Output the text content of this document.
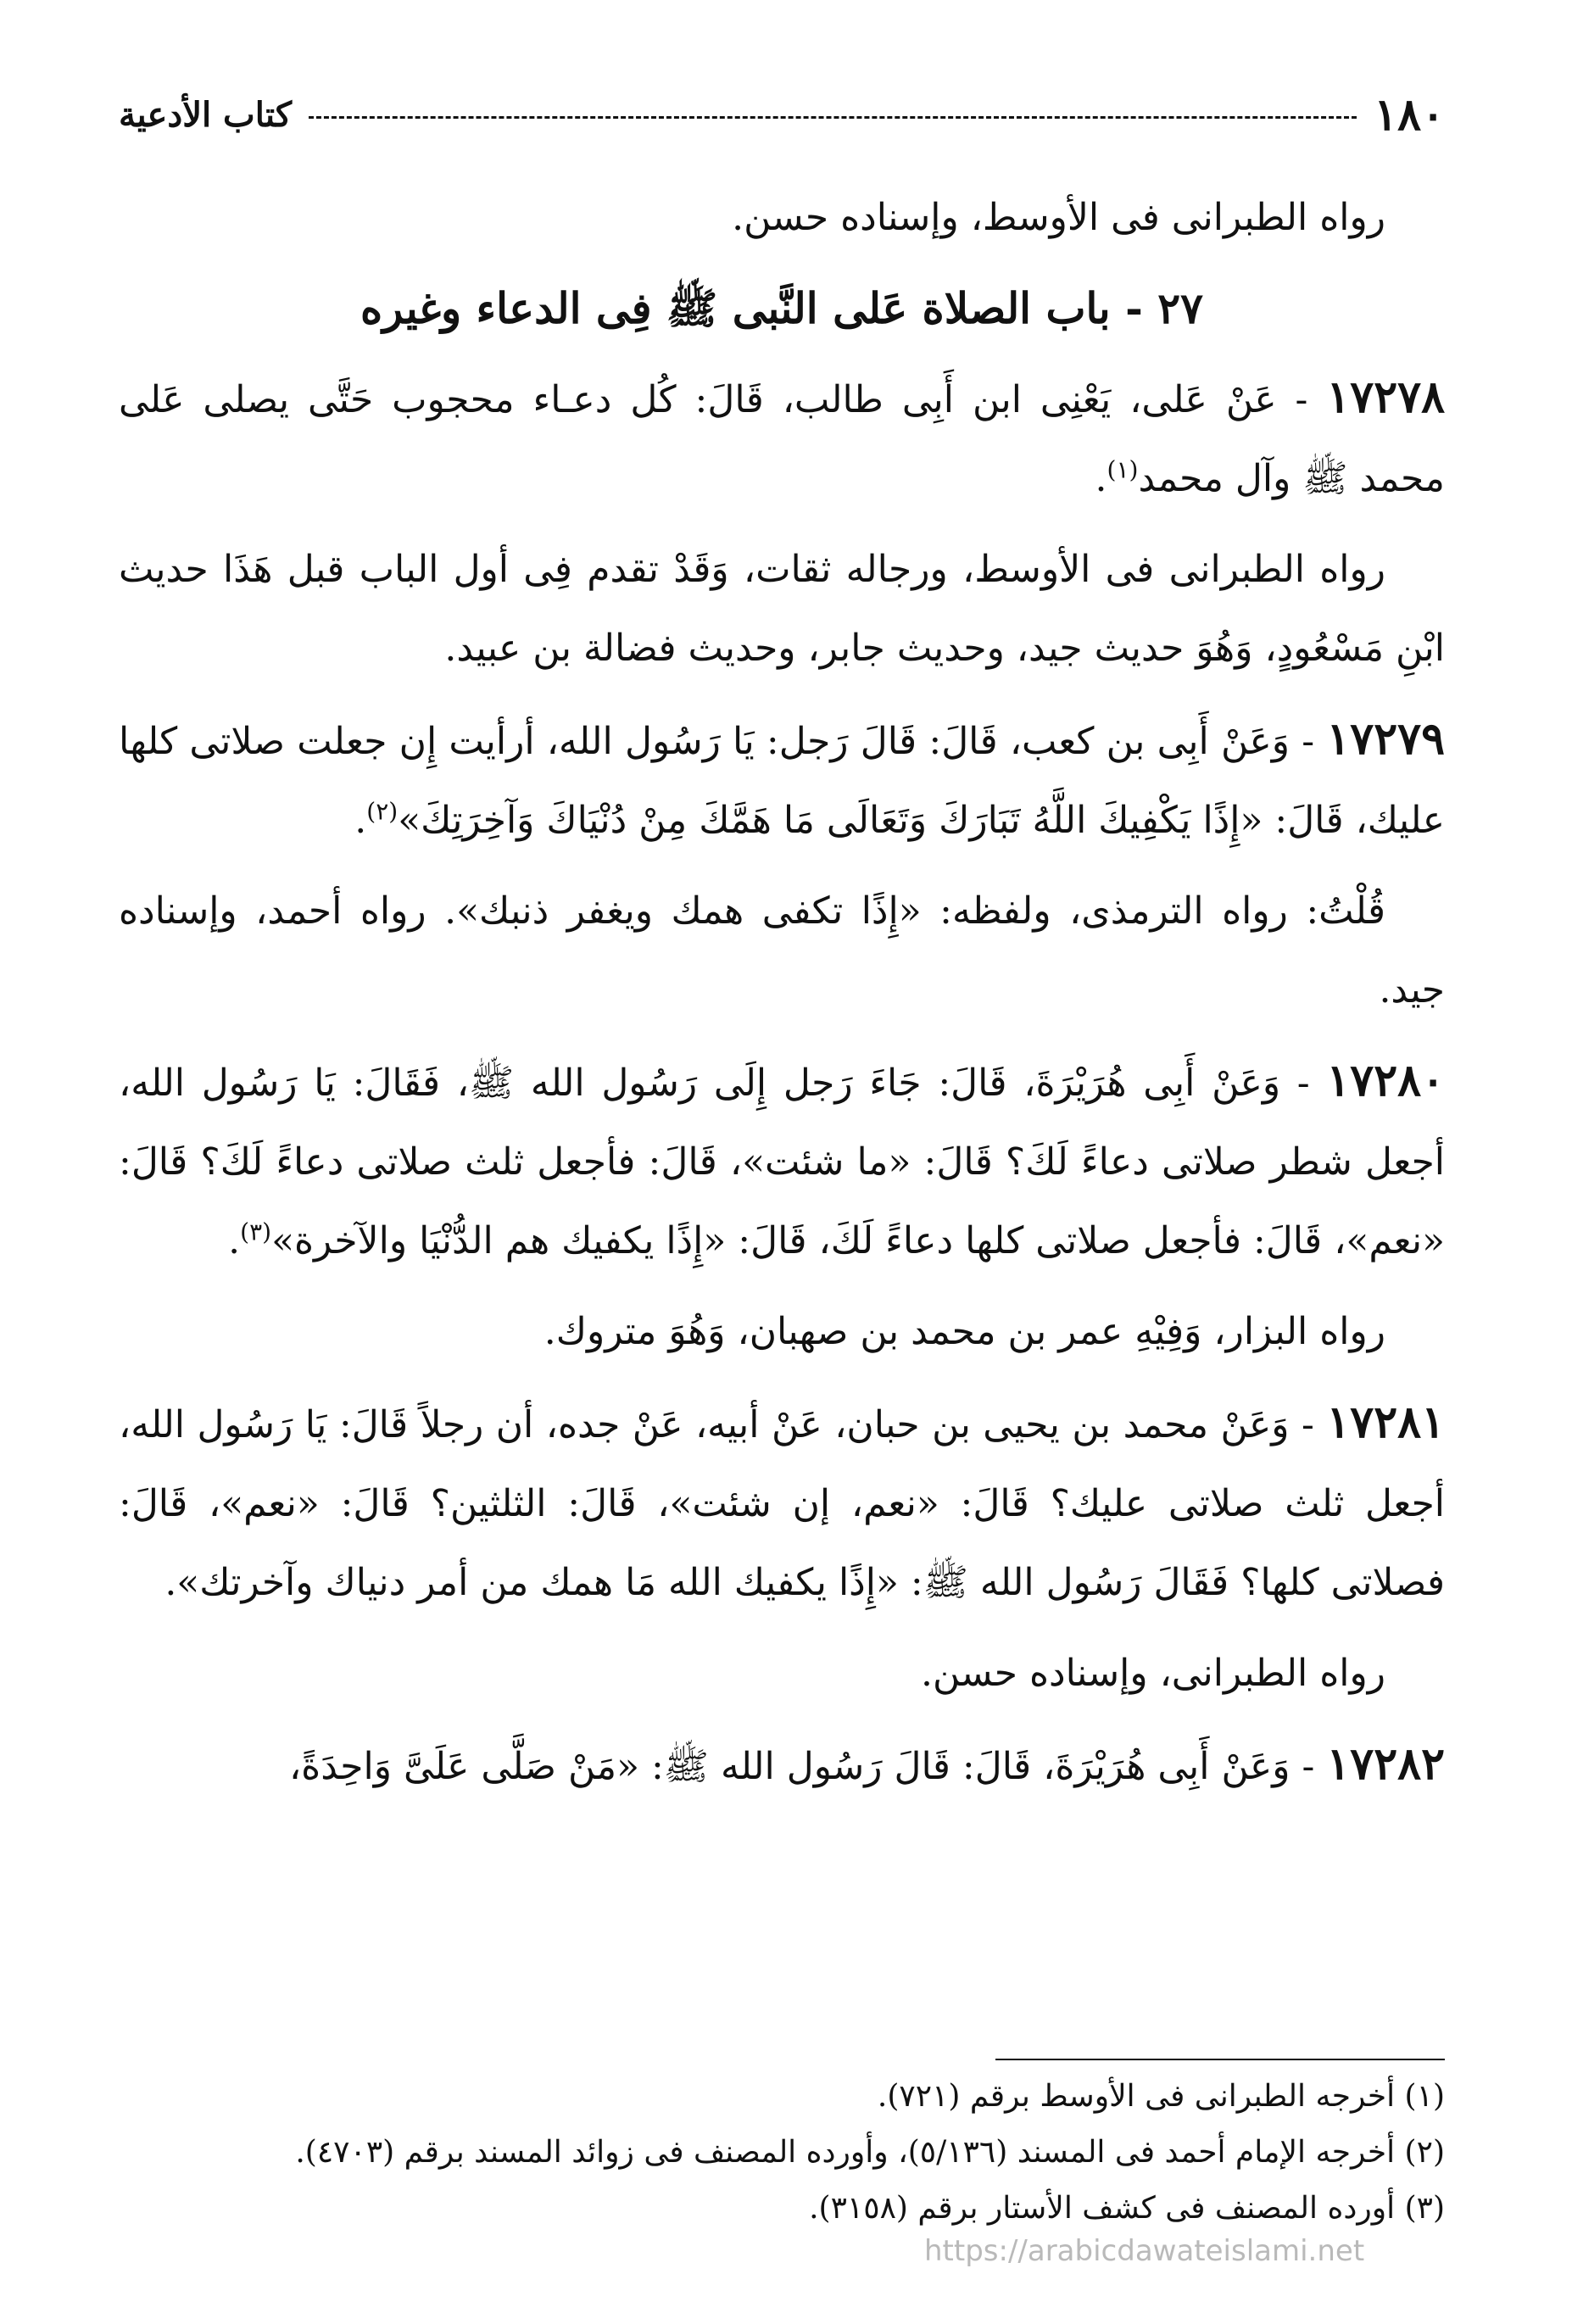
١٨٠
كتاب الأدعية

رواه الطبرانى فى الأوسط، وإسناده حسن.

٢٧ - باب الصلاة عَلى النَّبى ﷺ فِى الدعاء وغيره

١٧٢٧٨ - عَنْ عَلى، يَعْنِى ابن أَبِى طالب، قَالَ: كُل دعـاء محجوب حَتَّى يصلى عَلى محمد ﷺ وآل محمد$^{(١)}$.

رواه الطبرانى فى الأوسط، ورجاله ثقات، وَقَدْ تقدم فِى أول الباب قبل هَذَا حديث ابْنِ مَسْعُودٍ، وَهُوَ حديث جيد، وحديث جابر، وحديث فضالة بن عبيد.

١٧٢٧٩ - وَعَنْ أَبِى بن كعب، قَالَ: قَالَ رَجل: يَا رَسُول الله، أرأيت إِن جعلت صلاتى كلها عليك، قَالَ: «إِذًا يَكْفِيكَ اللَّهُ تَبَارَكَ وَتَعَالَى مَا هَمَّكَ مِنْ دُنْيَاكَ وَآخِرَتِكَ»$^{(٢)}$.

قُلْتُ: رواه الترمذى، ولفظه: «إِذًا تكفى همك ويغفر ذنبك». رواه أحمد، وإسناده جيد.

١٧٢٨٠ - وَعَنْ أَبِى هُرَيْرَةَ، قَالَ: جَاءَ رَجل إِلَى رَسُول الله ﷺ، فَقَالَ: يَا رَسُول الله، أجعل شطر صلاتى دعاءً لَكَ؟ قَالَ: «ما شئت»، قَالَ: فأجعل ثلث صلاتى دعاءً لَكَ؟ قَالَ: «نعم»، قَالَ: فأجعل صلاتى كلها دعاءً لَكَ، قَالَ: «إِذًا يكفيك هم الدُّنْيَا والآخرة»$^{(٣)}$.

رواه البزار، وَفِيْهِ عمر بن محمد بن صهبان، وَهُوَ متروك.

١٧٢٨١ - وَعَنْ محمد بن يحيى بن حبان، عَنْ أبيه، عَنْ جده، أن رجلاً قَالَ: يَا رَسُول الله، أجعل ثلث صلاتى عليك؟ قَالَ: «نعم، إن شئت»، قَالَ: الثلثين؟ قَالَ: «نعم»، قَالَ: فصلاتى كلها؟ فَقَالَ رَسُول الله ﷺ: «إِذًا يكفيك الله مَا همك من أمر دنياك وآخرتك».

رواه الطبرانى، وإسناده حسن.

١٧٢٨٢ - وَعَنْ أَبِى هُرَيْرَةَ، قَالَ: قَالَ رَسُول الله ﷺ: «مَنْ صَلَّى عَلَىَّ وَاحِدَةً،

(١) أخرجه الطبرانى فى الأوسط برقم (٧٢١).

(٢) أخرجه الإمام أحمد فى المسند (٥/١٣٦)، وأورده المصنف فى زوائد المسند برقم (٤٧٠٣).

(٣) أورده المصنف فى كشف الأستار برقم (٣١٥٨).

https://arabicdawateislami.net
